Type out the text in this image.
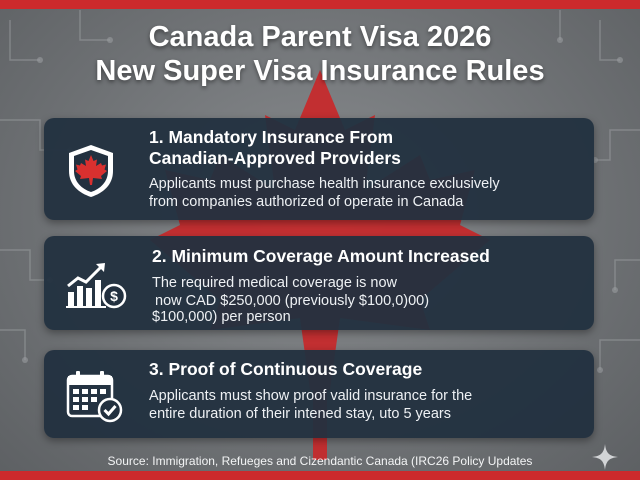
Canada Parent Visa 2026
New Super Visa Insurance Rules
1. Mandatory Insurance From
Canadian-Approved Providers
Applicants must purchase health insurance exclusively
from companies authorized of operate in Canada
$
2. Minimum Coverage Amount Increased
The required medical coverage is now
now CAD $250,000 (previously $100,0)00)
$100,000) per person
3. Proof of Continuous Coverage
Applicants must show proof valid insurance for the
entire duration of their intened stay, uto 5 years
Source: Immigration, Refueges and Cizendantic Canada (IRC26 Policy Updates
